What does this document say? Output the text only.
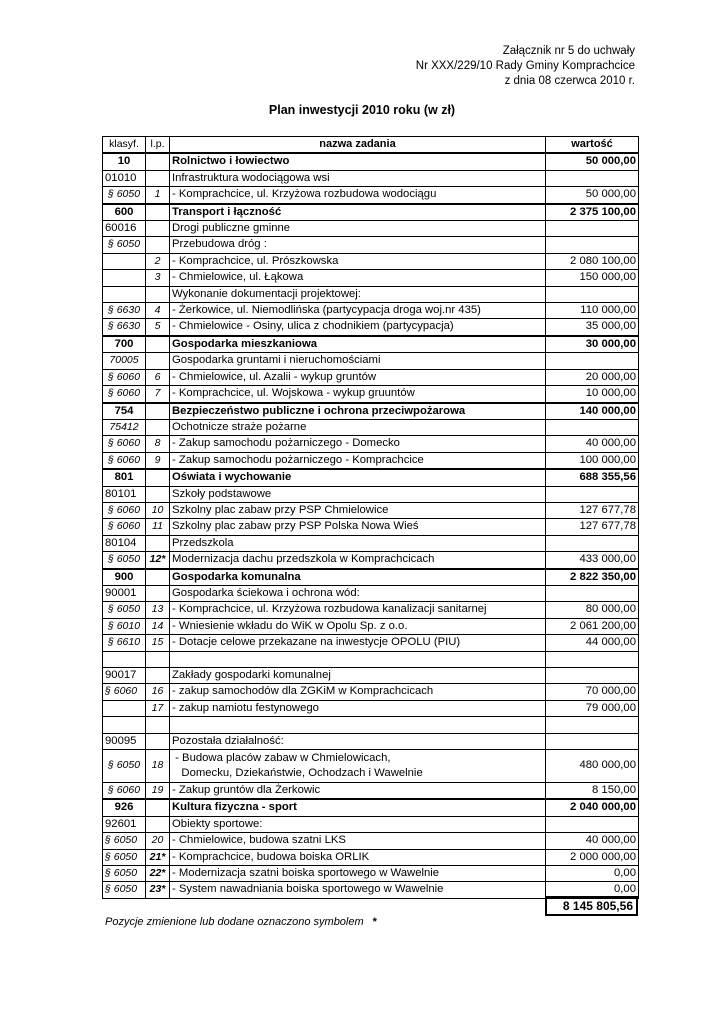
Załącznik nr 5 do uchwały
Nr XXX/229/10 Rady Gminy Komprachcice
z dnia 08 czerwca 2010 r.
Plan inwestycji 2010 roku (w zł)
klasyf.	l.p.	nazwa zadania	wartość
10		Rolnictwo i łowiectwo	50 000,00
01010		Infrastruktura wodociągowa wsi	
§ 6050	1	- Komprachcice, ul. Krzyżowa rozbudowa wodociągu	50 000,00
600		Transport i łączność	2 375 100,00
60016		Drogi publiczne gminne	
§ 6050		Przebudowa dróg :	
	2	- Komprachcice, ul. Prószkowska	2 080 100,00
	3	- Chmielowice, ul. Łąkowa	150 000,00
		Wykonanie dokumentacji projektowej:	
§ 6630	4	- Żerkowice, ul. Niemodlińska (partycypacja droga woj.nr 435)	110 000,00
§ 6630	5	- Chmielowice - Osiny, ulica z chodnikiem (partycypacja)	35 000,00
700		Gospodarka mieszkaniowa	30 000,00
70005		Gospodarka gruntami i nieruchomościami	
§ 6060	6	- Chmielowice, ul. Azalii - wykup gruntów	20 000,00
§ 6060	7	- Komprachcice, ul. Wojskowa - wykup gruuntów	10 000,00
754		Bezpieczeństwo publiczne i ochrona przeciwpożarowa	140 000,00
75412		Ochotnicze straże pożarne	
§ 6060	8	- Zakup samochodu pożarniczego - Domecko	40 000,00
§ 6060	9	- Zakup samochodu pożarniczego - Komprachcice	100 000,00
801		Oświata i wychowanie	688 355,56
80101		Szkoły podstawowe	
§ 6060	10	Szkolny plac zabaw przy PSP Chmielowice	127 677,78
§ 6060	11	Szkolny plac zabaw przy PSP Polska Nowa Wieś	127 677,78
80104		Przedszkola	
§ 6050	12*	Modernizacja dachu przedszkola w Komprachcicach	433 000,00
900		Gospodarka komunalna	2 822 350,00
90001		Gospodarka ściekowa i ochrona wód:	
§ 6050	13	- Komprachcice, ul. Krzyżowa rozbudowa kanalizacji sanitarnej	80 000,00
§ 6010	14	- Wniesienie wkładu do WiK w Opolu Sp. z o.o.	2 061 200,00
§ 6610	15	- Dotacje celowe przekazane na inwestycje OPOLU (PIU)	44 000,00

90017		Zakłady gospodarki komunalnej	
§ 6060	16	- zakup samochodów dla ZGKiM w Komprachcicach	70 000,00
	17	- zakup namiotu festynowego	79 000,00

90095		Pozostała działalność:	
§ 6050	18	- Budowa placów zabaw w Chmielowicach,
Domecku, Dziekaństwie, Ochodzach i Wawelnie	480 000,00
§ 6060	19	- Zakup gruntów dla Żerkowic	8 150,00
926		Kultura fizyczna - sport	2 040 000,00
92601		Obiekty sportowe:	
§ 6050	20	- Chmielowice, budowa szatni LKS	40 000,00
§ 6050	21*	- Komprachcice, budowa boiska ORLIK	2 000 000,00
§ 6050	22*	- Modernizacja szatni boiska sportowego w Wawelnie	0,00
§ 6050	23*	- System nawadniania boiska sportowego w Wawelnie	0,00
8 145 805,56
Pozycje zmienione lub dodane oznaczono symbolem *
